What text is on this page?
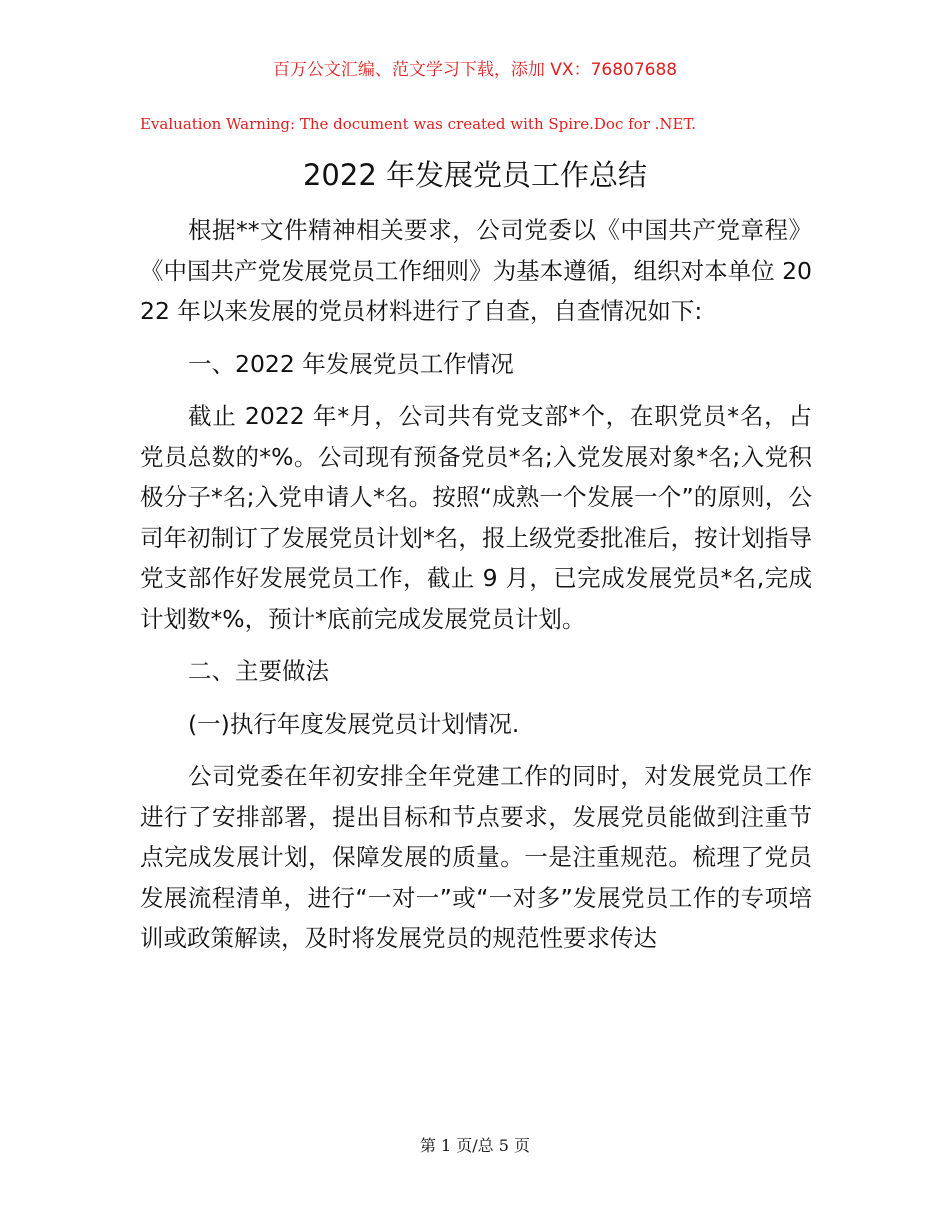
百万公文汇编、范文学习下载，添加 VX：76807688
Evaluation Warning: The document was created with Spire.Doc for .NET.
2022 年发展党员工作总结

根据**文件精神相关要求，公司党委以《中国共产党章程》《中国共产党发展党员工作细则》为基本遵循，组织对本单位 2022 年以来发展的党员材料进行了自查，自查情况如下:

一、2022 年发展党员工作情况

截止 2022 年*月，公司共有党支部*个，在职党员*名，占党员总数的*%。公司现有预备党员*名;入党发展对象*名;入党积极分子*名;入党申请人*名。按照“成熟一个发展一个”的原则，公司年初制订了发展党员计划*名，报上级党委批准后，按计划指导党支部作好发展党员工作，截止 9 月，已完成发展党员*名,完成计划数*%，预计*底前完成发展党员计划。

二、主要做法

(一)执行年度发展党员计划情况.

公司党委在年初安排全年党建工作的同时，对发展党员工作进行了安排部署，提出目标和节点要求，发展党员能做到注重节点完成发展计划，保障发展的质量。一是注重规范。梳理了党员发展流程清单，进行“一对一”或“一对多”发展党员工作的专项培训或政策解读，及时将发展党员的规范性要求传达

第 1 页/总 5 页
